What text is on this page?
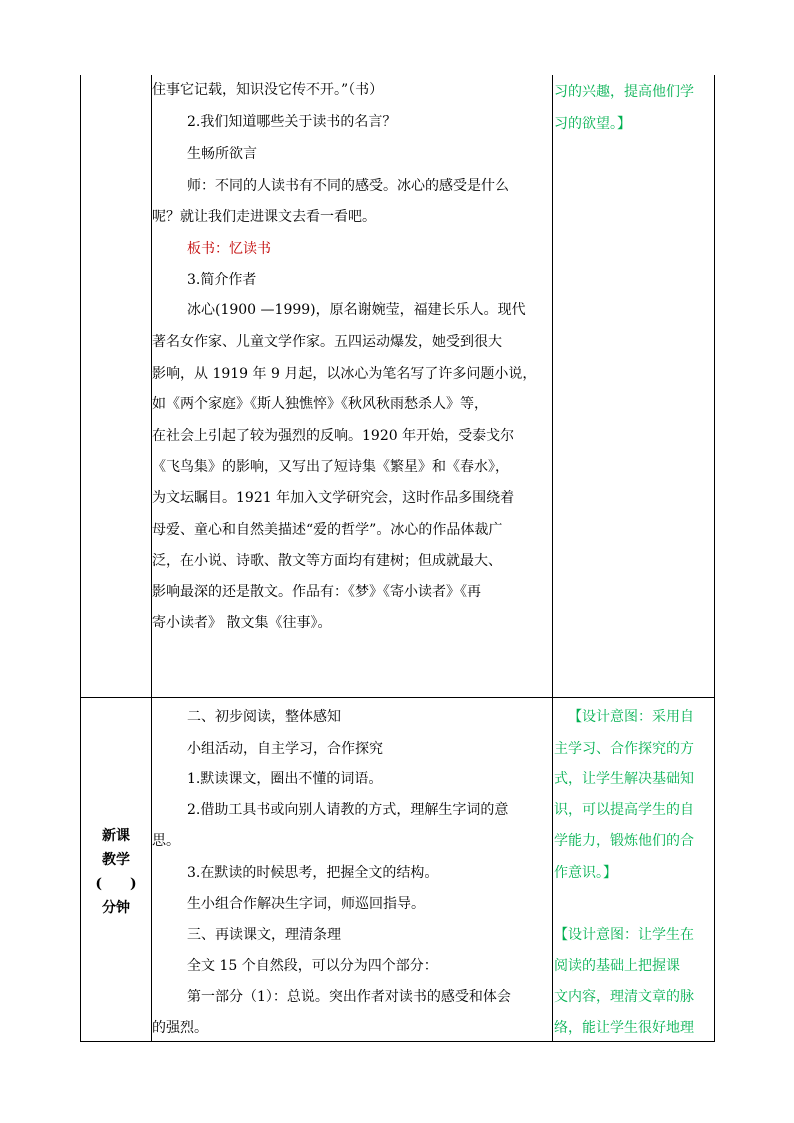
住事它记载，知识没它传不开。”（书）
2.我们知道哪些关于读书的名言？
生畅所欲言
师：不同的人读书有不同的感受。冰心的感受是什么
呢？就让我们走进课文去看一看吧。
板书：忆读书
3.简介作者
冰心(1900 —1999)，原名谢婉莹，福建长乐人。现代
著名女作家、儿童文学作家。五四运动爆发，她受到很大
影响，从 1919 年 9 月起，以冰心为笔名写了许多问题小说，
如《两个家庭》《斯人独憔悴》《秋风秋雨愁杀人》等，
在社会上引起了较为强烈的反响。1920 年开始，受泰戈尔
《飞鸟集》的影响，又写出了短诗集《繁星》和《春水》，
为文坛瞩目。1921 年加入文学研究会，这时作品多围绕着
母爱、童心和自然美描述“爱的哲学”。冰心的作品体裁广
泛，在小说、诗歌、散文等方面均有建树；但成就最大、
影响最深的还是散文。作品有：《梦》《寄小读者》《再
寄小读者》 散文集《往事》。
习的兴趣，提高他们学
习的欲望。】
新课
教学
(　　)
分钟
二、初步阅读，整体感知
小组活动，自主学习，合作探究
1.默读课文，圈出不懂的词语。
2.借助工具书或向别人请教的方式，理解生字词的意
思。
3.在默读的时候思考，把握全文的结构。
生小组合作解决生字词，师巡回指导。
三、再读课文，理清条理
全文 15 个自然段，可以分为四个部分：
第一部分（1）：总说。突出作者对读书的感受和体会
的强烈。
【设计意图：采用自
主学习、合作探究的方
式，让学生解决基础知
识，可以提高学生的自
学能力，锻炼他们的合
作意识。】
【设计意图：让学生在
阅读的基础上把握课
文内容，理清文章的脉
络，能让学生很好地理
